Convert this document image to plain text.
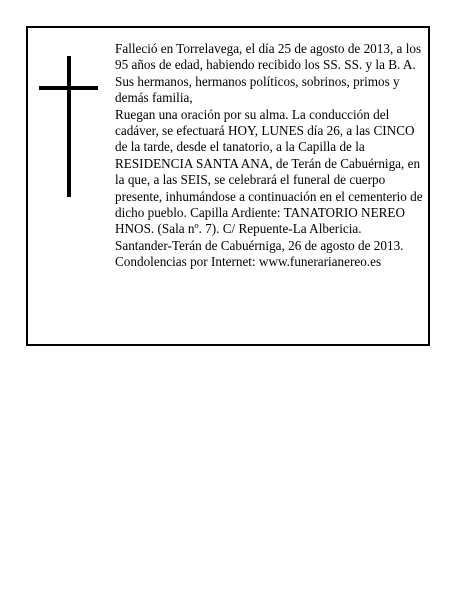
Falleció en Torrelavega, el día 25 de agosto de 2013, a los 95 años de edad, habiendo recibido los SS. SS. y la B. A.

Sus hermanos, hermanos políticos, sobrinos, primos y demás familia,

Ruegan una oración por su alma. La conducción del cadáver, se efectuará HOY, LUNES día 26, a las CINCO de la tarde, desde el tanatorio, a la Capilla de la RESIDENCIA SANTA ANA, de Terán de Cabuérniga, en la que, a las SEIS, se celebrará el funeral de cuerpo presente, inhumándose a continuación en el cementerio de dicho pueblo. Capilla Ardiente: TANATORIO NEREO HNOS. (Sala nº. 7). C/ Repuente-La Albericia.

Santander-Terán de Cabuérniga, 26 de agosto de 2013.

Condolencias por Internet: www.funerarianereo.es
